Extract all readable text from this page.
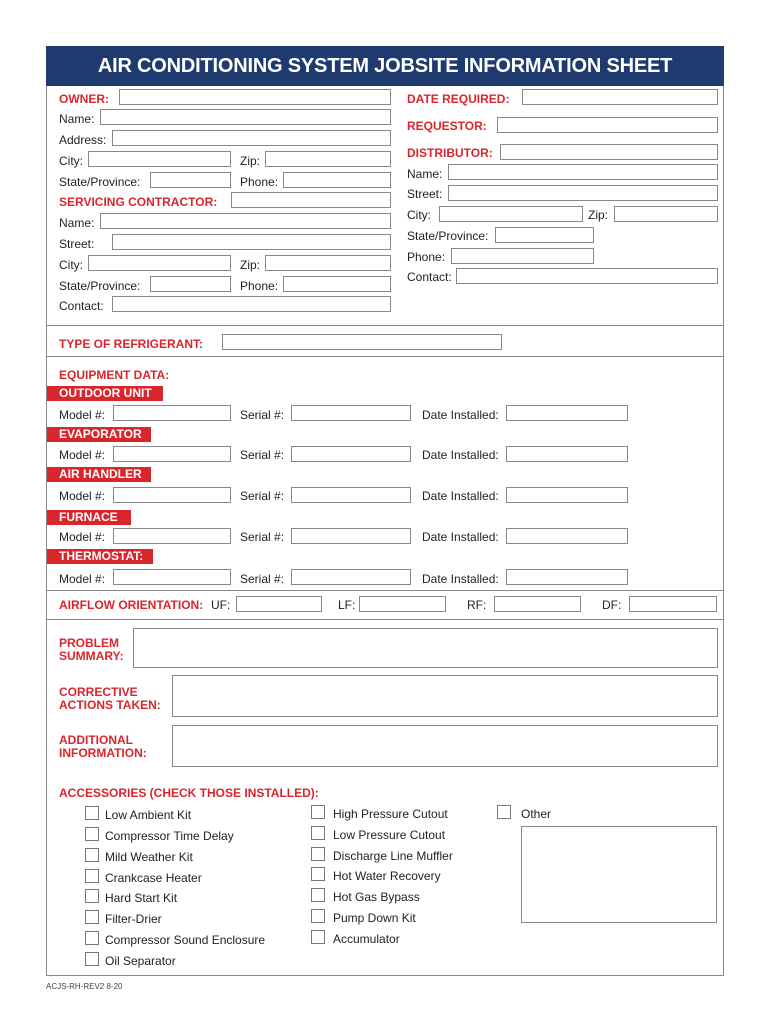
AIR CONDITIONING SYSTEM JOBSITE INFORMATION SHEET
OWNER:
Name:
Address:
City:	Zip:
State/Province:	Phone:
SERVICING CONTRACTOR:
Name:
Street:
City:	Zip:
State/Province:	Phone:
Contact:
DATE REQUIRED:
REQUESTOR:
DISTRIBUTOR:
Name:
Street:
City:	Zip:
State/Province:
Phone:
Contact:
TYPE OF REFRIGERANT:
EQUIPMENT DATA:
OUTDOOR UNIT
Model #:	Serial #:	Date Installed:
EVAPORATOR
Model #:	Serial #:	Date Installed:
AIR HANDLER
Model #:	Serial #:	Date Installed:
FURNACE
Model #:	Serial #:	Date Installed:
THERMOSTAT:
Model #:	Serial #:	Date Installed:
AIRFLOW ORIENTATION: UF:	LF:	RF:	DF:
PROBLEM
SUMMARY:
CORRECTIVE
ACTIONS TAKEN:
ADDITIONAL
INFORMATION:
ACCESSORIES (CHECK THOSE INSTALLED):
Low Ambient Kit
Compressor Time Delay
Mild Weather Kit
Crankcase Heater
Hard Start Kit
Filter-Drier
Compressor Sound Enclosure
Oil Separator
High Pressure Cutout
Low Pressure Cutout
Discharge Line Muffler
Hot Water Recovery
Hot Gas Bypass
Pump Down Kit
Accumulator
Other
ACJS-RH-REV2 8-20
